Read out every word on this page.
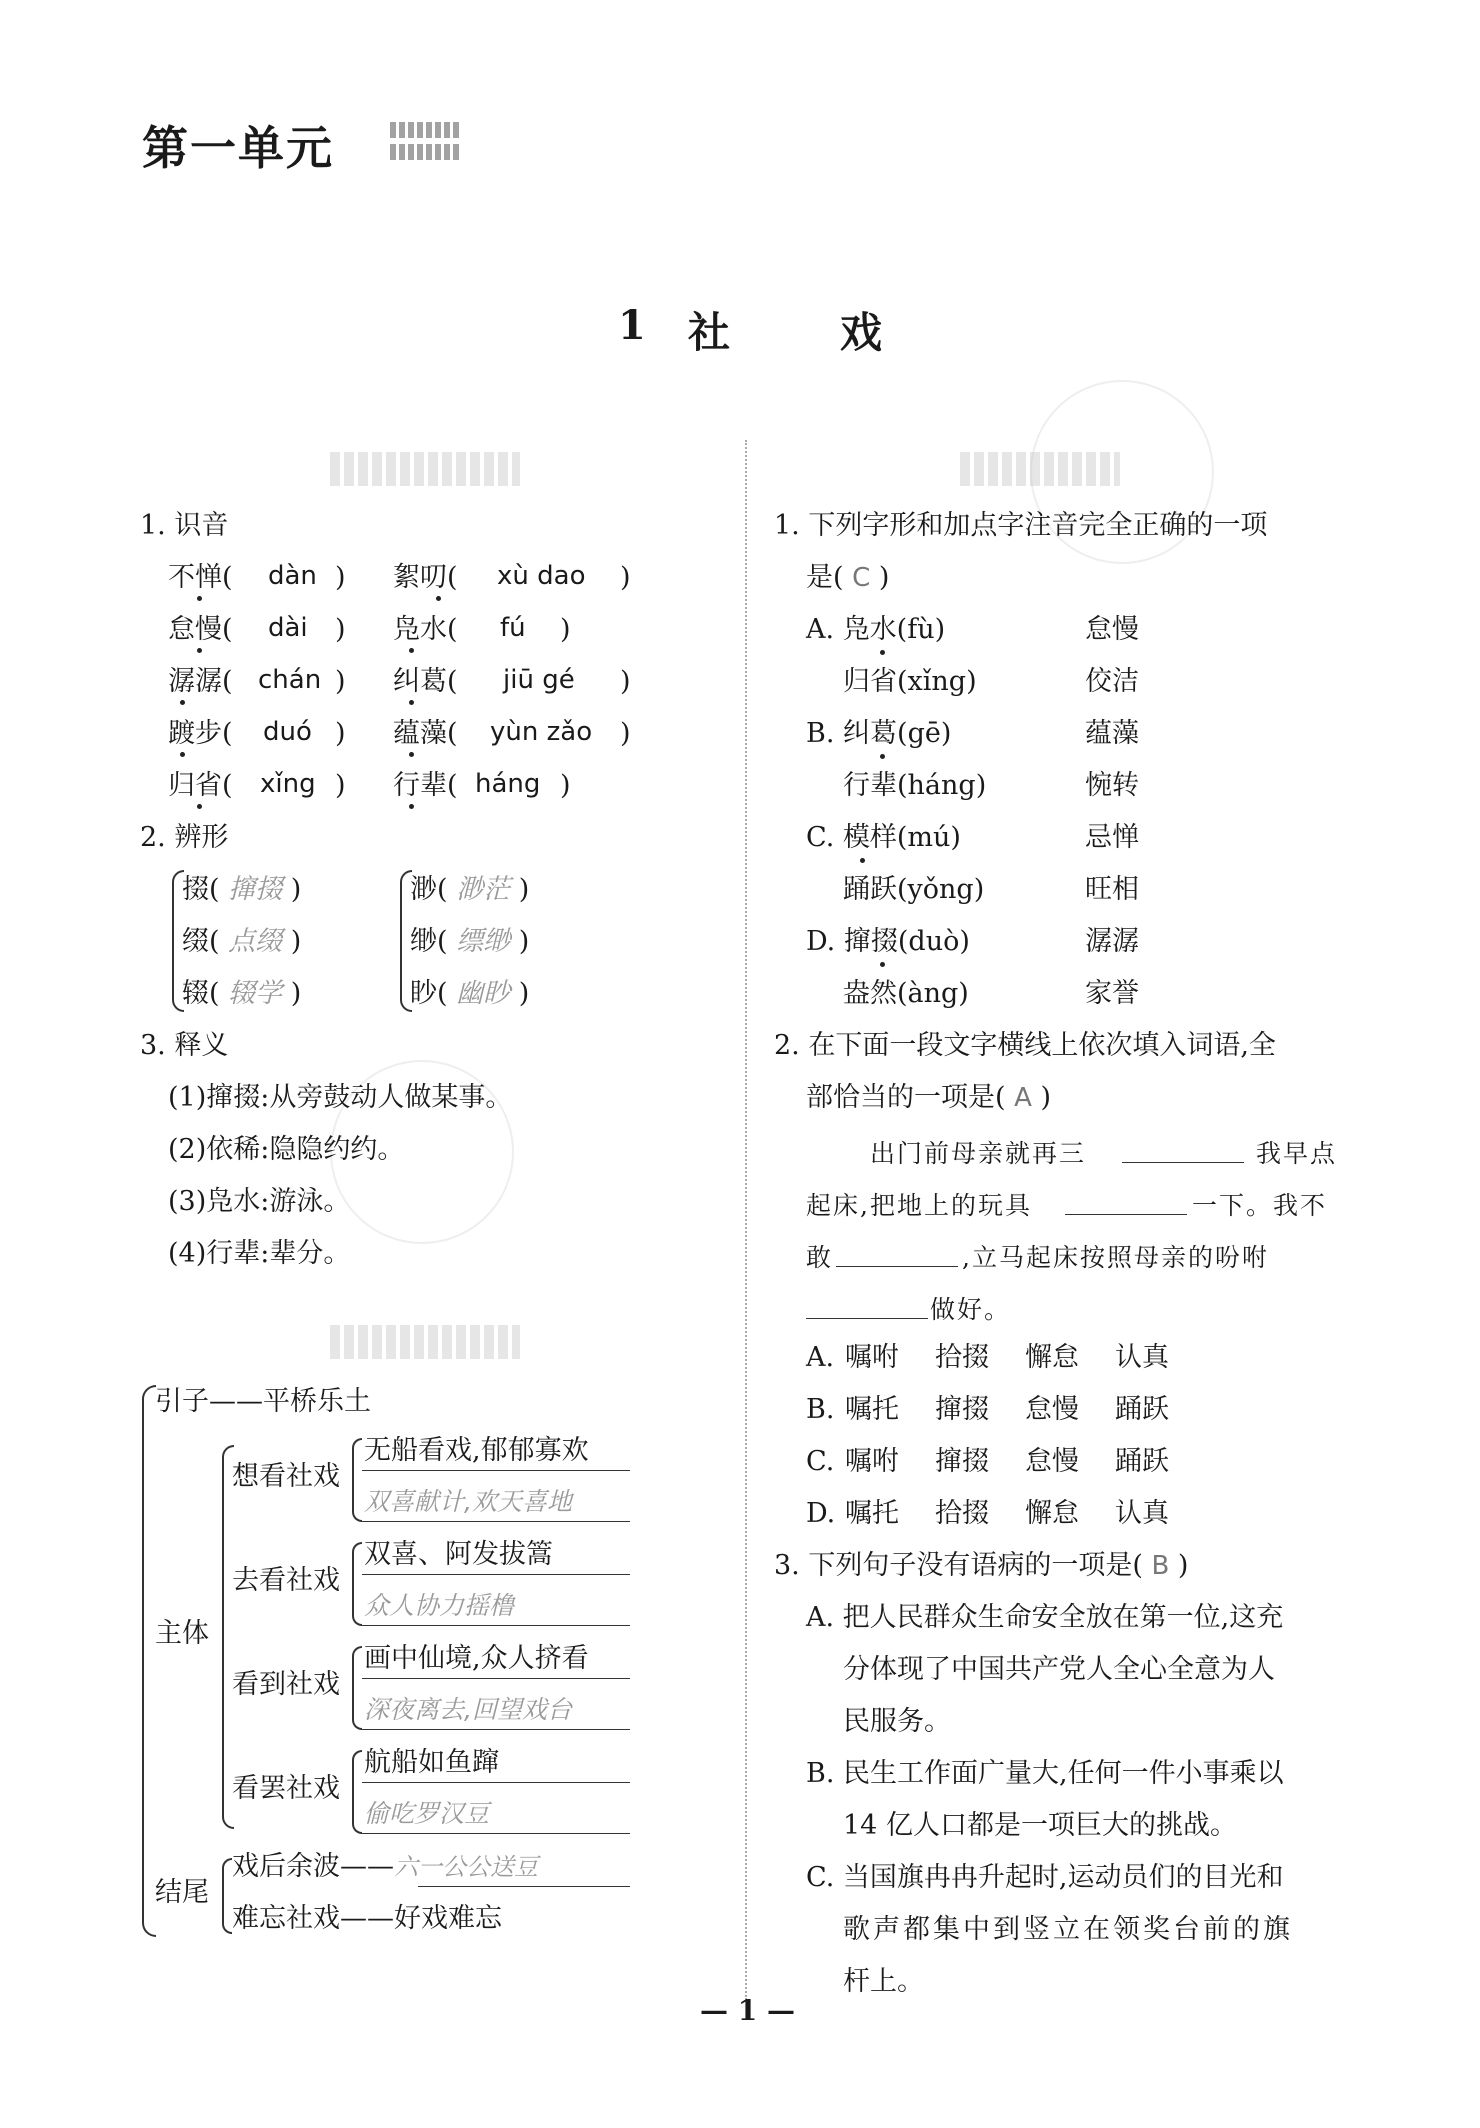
第一单元
1 社戏
1. 识音
不惮( dàn ) 絮叨( xù dao )
怠慢( dài ) 凫水( fú )
潺潺( chán ) 纠葛( jiū gé )
踱步( duó ) 蕴藻( yùn zǎo )
归省( xǐng ) 行辈( háng )
2. 辨形
掇( 撺掇 )
缀( 点缀 )
辍( 辍学 )
渺( 渺茫 )
缈( 缥缈 )
眇( 幽眇 )
3. 释义
(1)撺掇:从旁鼓动人做某事。
(2)依稀:隐隐约约。
(3)凫水:游泳。
(4)行辈:辈分。
引子——平桥乐土
主体
想看社戏
无船看戏,郁郁寡欢
双喜献计,欢天喜地
去看社戏
双喜、阿发拔篙
众人协力摇橹
看到社戏
画中仙境,众人挤看
深夜离去,回望戏台
看罢社戏
航船如鱼蹿
偷吃罗汉豆
结尾
戏后余波——六一公公送豆
难忘社戏——好戏难忘
1. 下列字形和加点字注音完全正确的一项
是( C )
A. 凫水(fù)	怠慢
归省(xǐng)	佼洁
B. 纠葛(gē)	蕴藻
行辈(háng)	惋转
C. 模样(mú)	忌惮
踊跃(yǒng)	旺相
D. 撺掇(duò)	潺潺
盎然(àng)	家誉
2. 在下面一段文字横线上依次填入词语,全
部恰当的一项是( A )
出门前母亲就再三	我早点
起床,把地上的玩具	一下。我不
敢	,立马起床按照母亲的吩咐
做好。
A. 嘱咐 拾掇 懈怠 认真
B. 嘱托 撺掇 怠慢 踊跃
C. 嘱咐 撺掇 怠慢 踊跃
D. 嘱托 拾掇 懈怠 认真
3. 下列句子没有语病的一项是( B )
A. 把人民群众生命安全放在第一位,这充
分体现了中国共产党人全心全意为人
民服务。
B. 民生工作面广量大,任何一件小事乘以
14 亿人口都是一项巨大的挑战。
C. 当国旗冉冉升起时,运动员们的目光和
歌声都集中到竖立在领奖台前的旗
杆上。
— 1 —
